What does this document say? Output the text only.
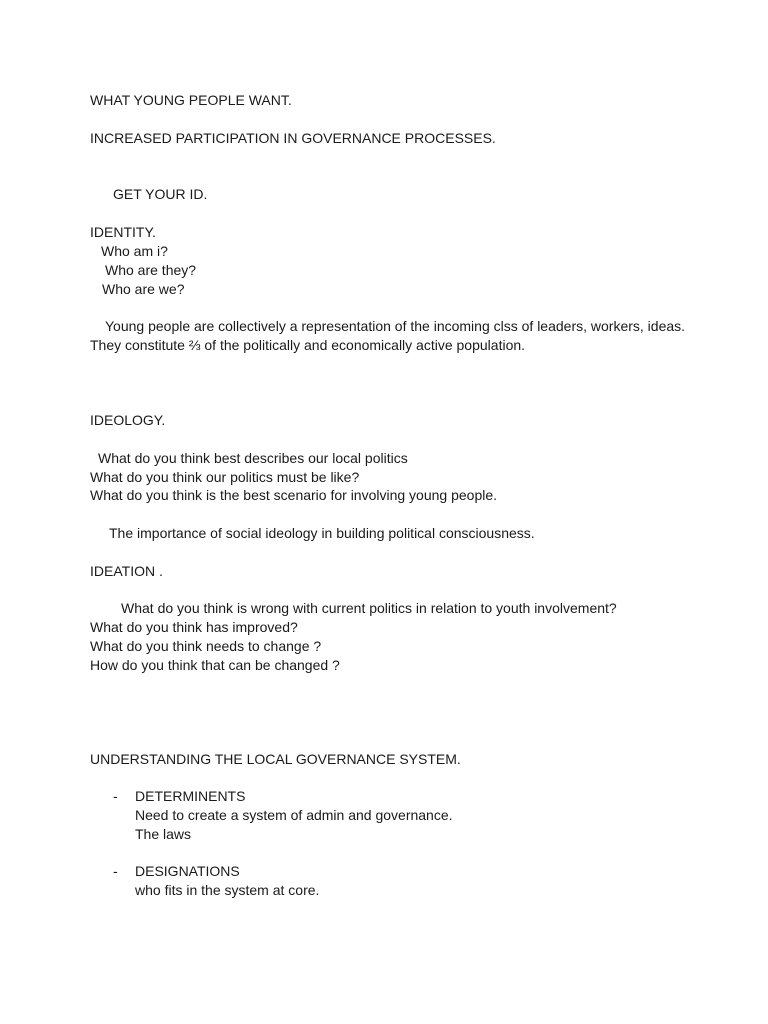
WHAT YOUNG PEOPLE WANT.

INCREASED PARTICIPATION IN GOVERNANCE PROCESSES.

GET YOUR ID.

IDENTITY.

Who am i?

Who are they?

Who are we?

Young people are collectively a representation of the incoming clss of leaders, workers, ideas.

They constitute ⅔ of the politically and economically active population.

IDEOLOGY.

What do you think best describes our local politics

What do you think our politics must be like?

What do you think is the best scenario for involving young people.

The importance of social ideology in building political consciousness.

IDEATION .

What do you think is wrong with current politics in relation to youth involvement?

What do you think has improved?

What do you think needs to change ?

How do you think that can be changed ?

UNDERSTANDING THE LOCAL GOVERNANCE SYSTEM.

- DETERMINENTS

Need to create a system of admin and governance.

The laws

- DESIGNATIONS

who fits in the system at core.
